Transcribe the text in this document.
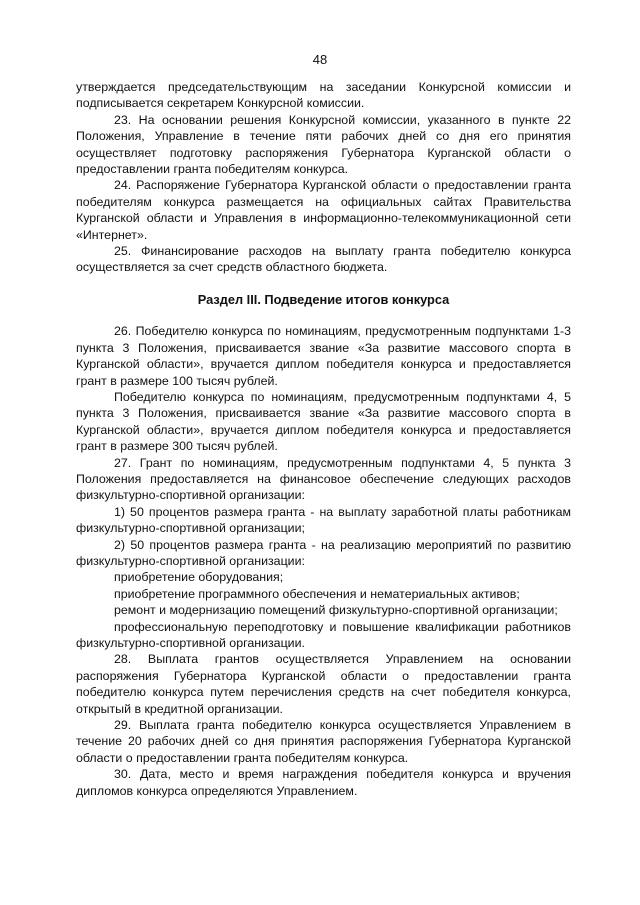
48

утверждается председательствующим на заседании Конкурсной комиссии и подписывается секретарем Конкурсной комиссии.

23. На основании решения Конкурсной комиссии, указанного в пункте 22 Положения, Управление в течение пяти рабочих дней со дня его принятия осуществляет подготовку распоряжения Губернатора Курганской области о предоставлении гранта победителям конкурса.

24. Распоряжение Губернатора Курганской области о предоставлении гранта победителям конкурса размещается на официальных сайтах Правительства Курганской области и Управления в информационно-телекоммуникационной сети «Интернет».

25. Финансирование расходов на выплату гранта победителю конкурса осуществляется за счет средств областного бюджета.

Раздел III. Подведение итогов конкурса

26. Победителю конкурса по номинациям, предусмотренным подпунктами 1-3 пункта 3 Положения, присваивается звание «За развитие массового спорта в Курганской области», вручается диплом победителя конкурса и предоставляется грант в размере 100 тысяч рублей.

Победителю конкурса по номинациям, предусмотренным подпунктами 4, 5 пункта 3 Положения, присваивается звание «За развитие массового спорта в Курганской области», вручается диплом победителя конкурса и предоставляется грант в размере 300 тысяч рублей.

27. Грант по номинациям, предусмотренным подпунктами 4, 5 пункта 3 Положения предоставляется на финансовое обеспечение следующих расходов физкультурно-спортивной организации:

1) 50 процентов размера гранта - на выплату заработной платы работникам физкультурно-спортивной организации;

2) 50 процентов размера гранта - на реализацию мероприятий по развитию физкультурно-спортивной организации:

приобретение оборудования;

приобретение программного обеспечения и нематериальных активов;

ремонт и модернизацию помещений физкультурно-спортивной организации;

профессиональную переподготовку и повышение квалификации работников физкультурно-спортивной организации.

28. Выплата грантов осуществляется Управлением на основании распоряжения Губернатора Курганской области о предоставлении гранта победителю конкурса путем перечисления средств на счет победителя конкурса, открытый в кредитной организации.

29. Выплата гранта победителю конкурса осуществляется Управлением в течение 20 рабочих дней со дня принятия распоряжения Губернатора Курганской области о предоставлении гранта победителям конкурса.

30. Дата, место и время награждения победителя конкурса и вручения дипломов конкурса определяются Управлением.
